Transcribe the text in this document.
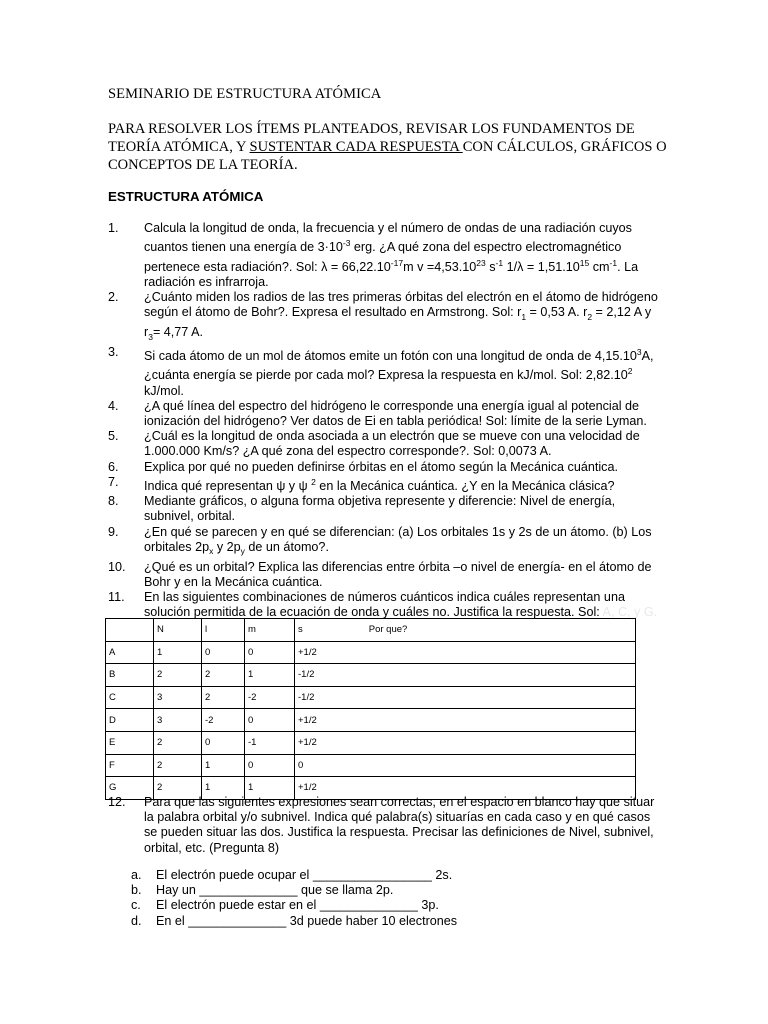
SEMINARIO DE ESTRUCTURA ATÓMICA
PARA RESOLVER LOS ÍTEMS PLANTEADOS, REVISAR LOS FUNDAMENTOS DE TEORÍA ATÓMICA, Y SUSTENTAR CADA RESPUESTA CON CÁLCULOS, GRÁFICOS O CONCEPTOS DE LA TEORÍA.
ESTRUCTURA ATÓMICA
1.	Calcula la longitud de onda, la frecuencia y el número de ondas de una radiación cuyos cuantos tienen una energía de $3\cdot 10^{-3}$ erg. ¿A qué zona del espectro electromagnético pertenece esta radiación?. Sol: $\lambda = 66,22.10^{-17}m$ $v =4,53.10^{23}$ $s^{-1}$ $1/\lambda = 1,51.10^{15}$ $cm^{-1}$. La radiación es infrarroja.
2.	¿Cuánto miden los radios de las tres primeras órbitas del electrón en el átomo de hidrógeno según el átomo de Bohr?. Expresa el resultado en Armstrong. Sol: $r_1 = 0,53$ A. $r_2 = 2,12$ A y $r_3= 4,77$ A.
3.	Si cada átomo de un mol de átomos emite un fotón con una longitud de onda de 4,15.10$^3$A, ¿cuánta energía se pierde por cada mol? Expresa la respuesta en kJ/mol. Sol: 2,82.10$^2$ kJ/mol.
4.	¿A qué línea del espectro del hidrógeno le corresponde una energía igual al potencial de ionización del hidrógeno? Ver datos de Ei en tabla periódica! Sol: límite de la serie Lyman.
5.	¿Cuál es la longitud de onda asociada a un electrón que se mueve con una velocidad de 1.000.000 Km/s? ¿A qué zona del espectro corresponde?. Sol: 0,0073 A.
6.	Explica por qué no pueden definirse órbitas en el átomo según la Mecánica cuántica.
7.	Indica qué representan ψ y ψ $^2$ en la Mecánica cuántica. ¿Y en la Mecánica clásica?
8.	Mediante gráficos, o alguna forma objetiva represente y diferencie: Nivel de energía, subnivel, orbital.
9.	¿En qué se parecen y en qué se diferencian: (a) Los orbitales 1s y 2s de un átomo. (b) Los orbitales $2p_x$ y $2p_y$ de un átomo?.
10.	¿Qué es un orbital? Explica las diferencias entre órbita –o nivel de energía- en el átomo de Bohr y en la Mecánica cuántica.
11.	En las siguientes combinaciones de números cuánticos indica cuáles representan una solución permitida de la ecuación de onda y cuáles no. Justifica la respuesta. Sol: A, C, y G.
	N	l	m	s Por que?
A	1	0	0	+1/2
B	2	2	1	-1/2
C	3	2	-2	-1/2
D	3	-2	0	+1/2
E	2	0	-1	+1/2
F	2	1	0	0
G	2	1	1	+1/2
12.	Para que las siguientes expresiones sean correctas, en el espacio en blanco hay que situar la palabra orbital y/o subnivel. Indica qué palabra(s) situarías en cada caso y en qué casos se pueden situar las dos. Justifica la respuesta. Precisar las definiciones de Nivel, subnivel, orbital, etc. (Pregunta 8)
a.	El electrón puede ocupar el _________________ 2s.
b.	Hay un ______________ que se llama 2p.
c.	El electrón puede estar en el ______________ 3p.
d.	En el ______________ 3d puede haber 10 electrones
